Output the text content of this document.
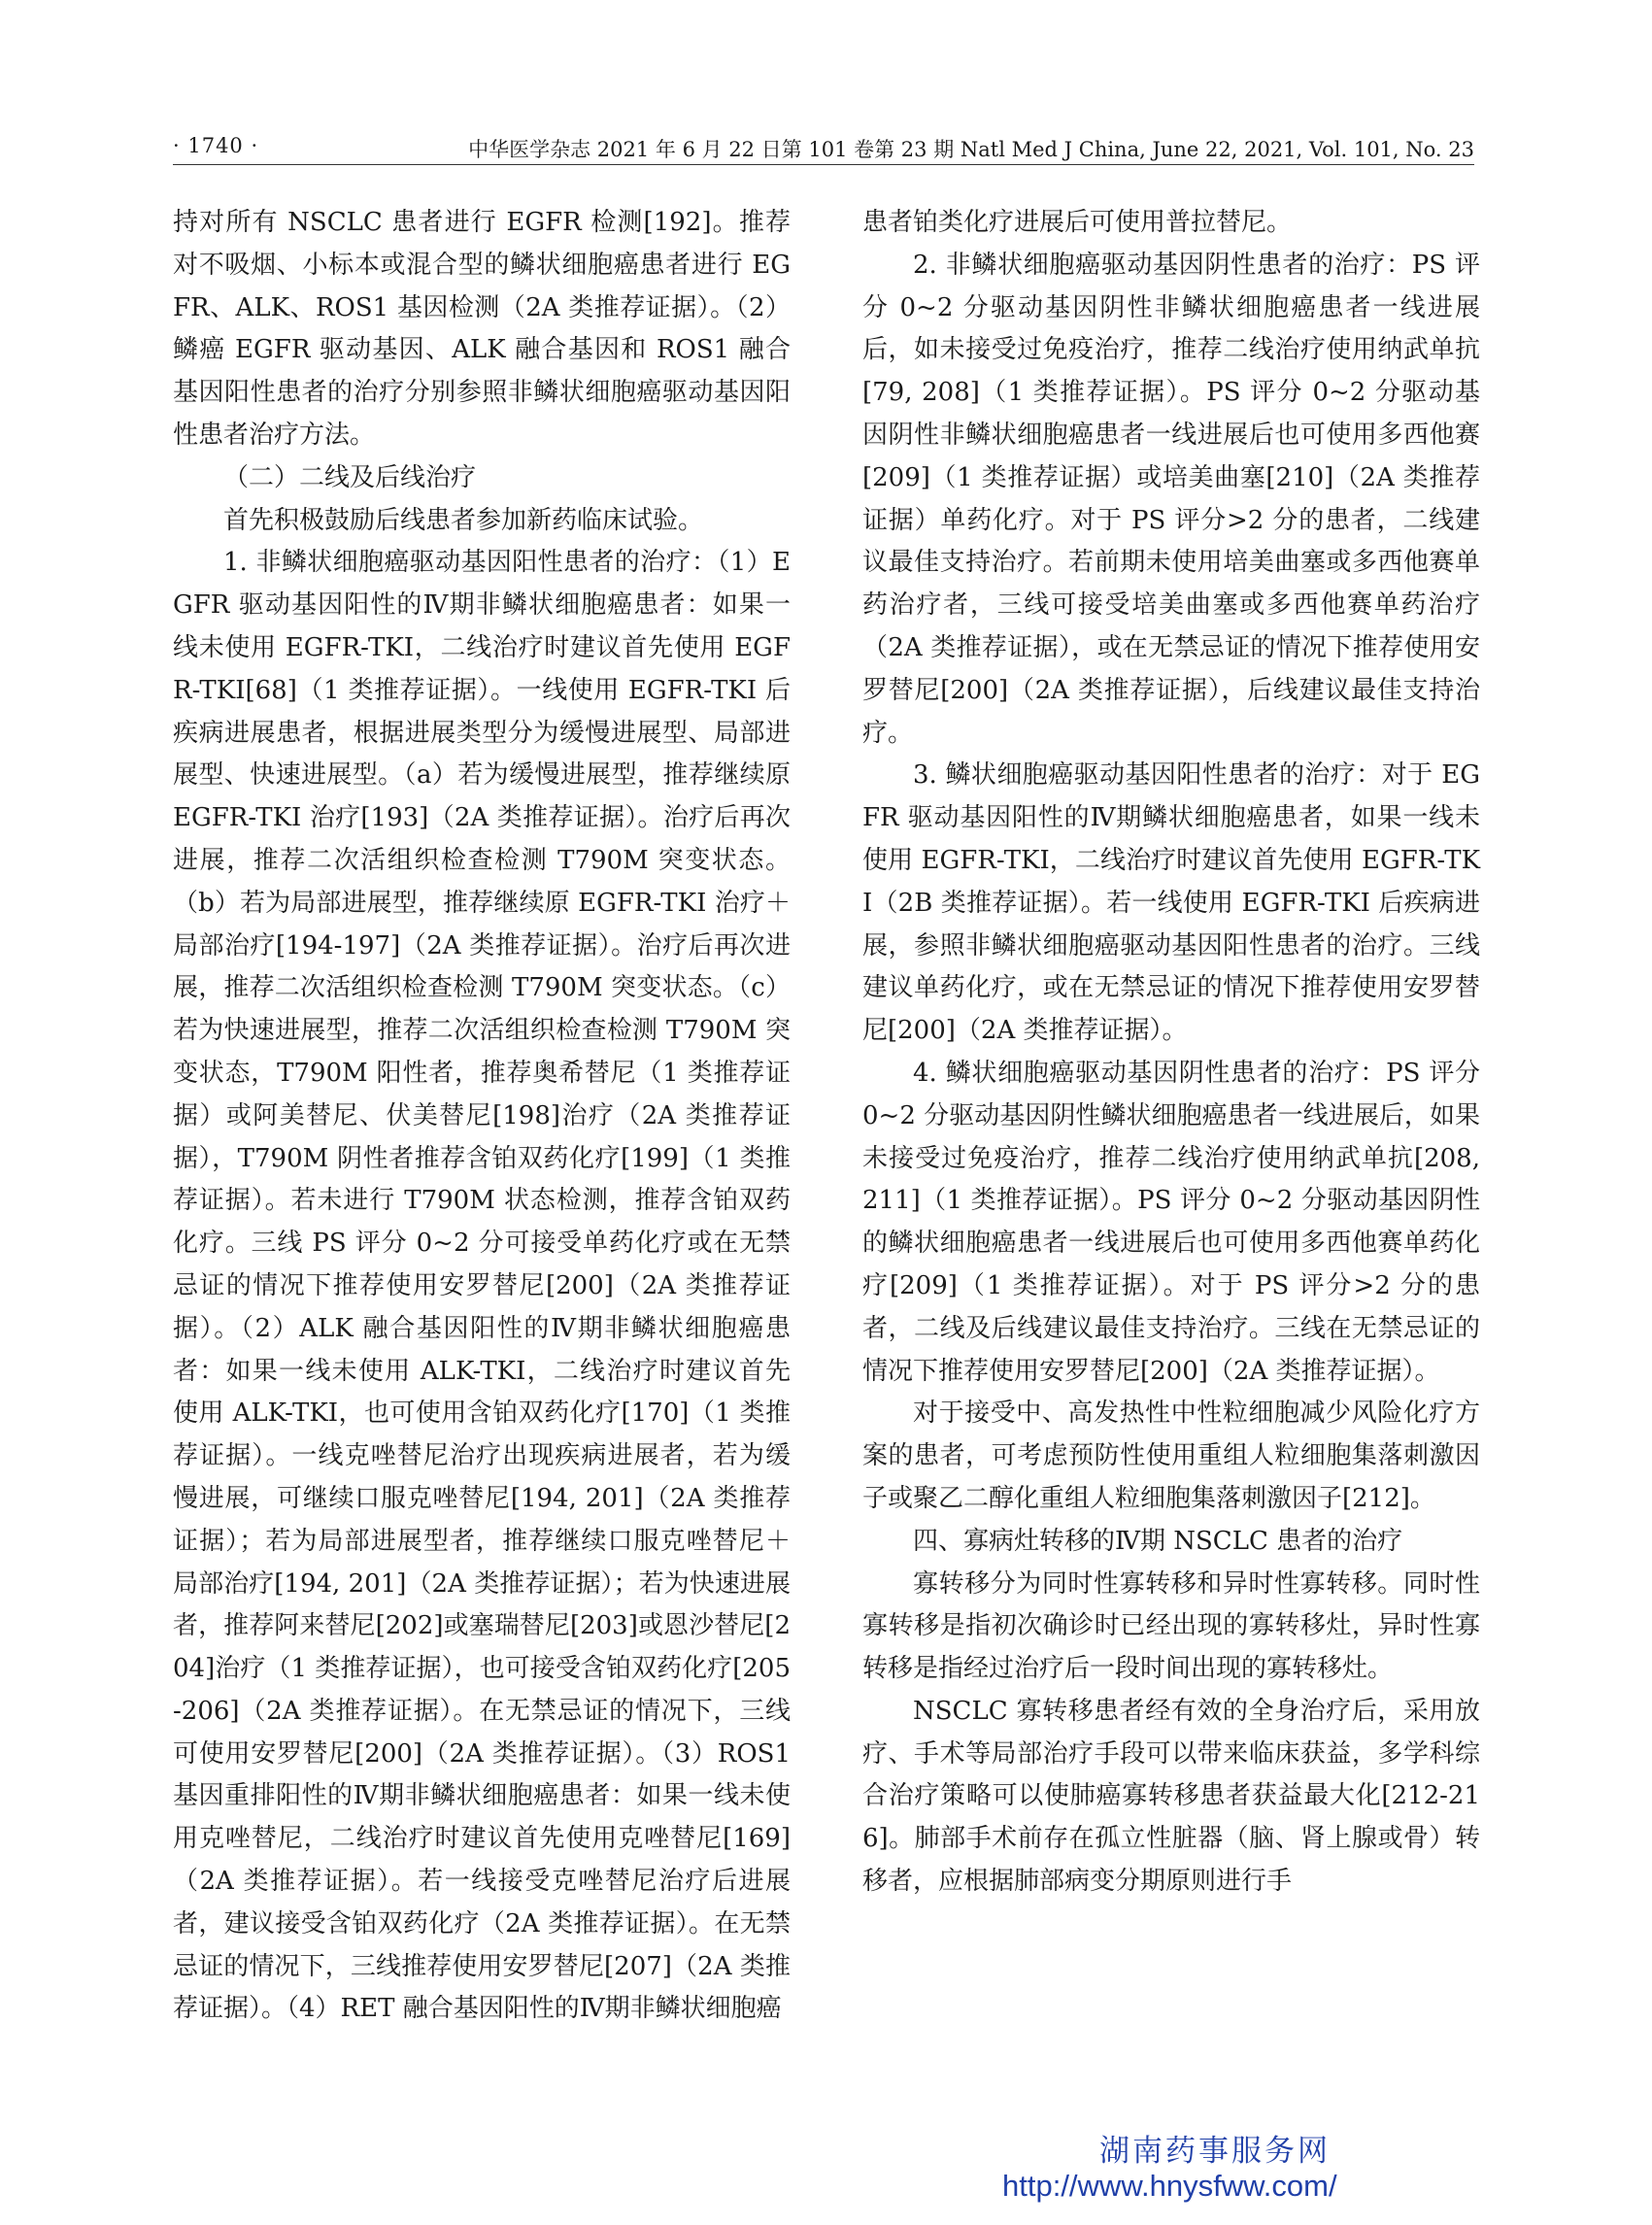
· 1740 ·	中华医学杂志 2021 年 6 月 22 日第 101 卷第 23 期 Natl Med J China, June 22, 2021, Vol. 101, No. 23

持对所有 NSCLC 患者进行 EGFR 检测[192]。推荐对不吸烟、小标本或混合型的鳞状细胞癌患者进行 EGFR、ALK、ROS1 基因检测（2A 类推荐证据）。（2）鳞癌 EGFR 驱动基因、ALK 融合基因和 ROS1 融合基因阳性患者的治疗分别参照非鳞状细胞癌驱动基因阳性患者治疗方法。

（二）二线及后线治疗

首先积极鼓励后线患者参加新药临床试验。

1. 非鳞状细胞癌驱动基因阳性患者的治疗：（1）EGFR 驱动基因阳性的Ⅳ期非鳞状细胞癌患者：如果一线未使用 EGFR-TKI，二线治疗时建议首先使用 EGFR-TKI[68]（1 类推荐证据）。一线使用 EGFR-TKI 后疾病进展患者，根据进展类型分为缓慢进展型、局部进展型、快速进展型。（a）若为缓慢进展型，推荐继续原 EGFR-TKI 治疗[193]（2A 类推荐证据）。治疗后再次进展，推荐二次活组织检查检测 T790M 突变状态。（b）若为局部进展型，推荐继续原 EGFR-TKI 治疗＋局部治疗[194-197]（2A 类推荐证据）。治疗后再次进展，推荐二次活组织检查检测 T790M 突变状态。（c）若为快速进展型，推荐二次活组织检查检测 T790M 突变状态，T790M 阳性者，推荐奥希替尼（1 类推荐证据）或阿美替尼、伏美替尼[198]治疗（2A 类推荐证据），T790M 阴性者推荐含铂双药化疗[199]（1 类推荐证据）。若未进行 T790M 状态检测，推荐含铂双药化疗。三线 PS 评分 0~2 分可接受单药化疗或在无禁忌证的情况下推荐使用安罗替尼[200]（2A 类推荐证据）。（2）ALK 融合基因阳性的Ⅳ期非鳞状细胞癌患者：如果一线未使用 ALK-TKI，二线治疗时建议首先使用 ALK-TKI，也可使用含铂双药化疗[170]（1 类推荐证据）。一线克唑替尼治疗出现疾病进展者，若为缓慢进展，可继续口服克唑替尼[194, 201]（2A 类推荐证据）；若为局部进展型者，推荐继续口服克唑替尼＋局部治疗[194, 201]（2A 类推荐证据）；若为快速进展者，推荐阿来替尼[202]或塞瑞替尼[203]或恩沙替尼[204]治疗（1 类推荐证据），也可接受含铂双药化疗[205-206]（2A 类推荐证据）。在无禁忌证的情况下，三线可使用安罗替尼[200]（2A 类推荐证据）。（3）ROS1 基因重排阳性的Ⅳ期非鳞状细胞癌患者：如果一线未使用克唑替尼，二线治疗时建议首先使用克唑替尼[169]（2A 类推荐证据）。若一线接受克唑替尼治疗后进展者，建议接受含铂双药化疗（2A 类推荐证据）。在无禁忌证的情况下，三线推荐使用安罗替尼[207]（2A 类推荐证据）。（4）RET 融合基因阳性的Ⅳ期非鳞状细胞癌

患者铂类化疗进展后可使用普拉替尼。

2. 非鳞状细胞癌驱动基因阴性患者的治疗：PS 评分 0~2 分驱动基因阴性非鳞状细胞癌患者一线进展后，如未接受过免疫治疗，推荐二线治疗使用纳武单抗[79, 208]（1 类推荐证据）。PS 评分 0~2 分驱动基因阴性非鳞状细胞癌患者一线进展后也可使用多西他赛[209]（1 类推荐证据）或培美曲塞[210]（2A 类推荐证据）单药化疗。对于 PS 评分>2 分的患者，二线建议最佳支持治疗。若前期未使用培美曲塞或多西他赛单药治疗者，三线可接受培美曲塞或多西他赛单药治疗（2A 类推荐证据），或在无禁忌证的情况下推荐使用安罗替尼[200]（2A 类推荐证据），后线建议最佳支持治疗。

3. 鳞状细胞癌驱动基因阳性患者的治疗：对于 EGFR 驱动基因阳性的Ⅳ期鳞状细胞癌患者，如果一线未使用 EGFR-TKI，二线治疗时建议首先使用 EGFR-TKI（2B 类推荐证据）。若一线使用 EGFR-TKI 后疾病进展，参照非鳞状细胞癌驱动基因阳性患者的治疗。三线建议单药化疗，或在无禁忌证的情况下推荐使用安罗替尼[200]（2A 类推荐证据）。

4. 鳞状细胞癌驱动基因阴性患者的治疗：PS 评分 0~2 分驱动基因阴性鳞状细胞癌患者一线进展后，如果未接受过免疫治疗，推荐二线治疗使用纳武单抗[208, 211]（1 类推荐证据）。PS 评分 0~2 分驱动基因阴性的鳞状细胞癌患者一线进展后也可使用多西他赛单药化疗[209]（1 类推荐证据）。对于 PS 评分>2 分的患者，二线及后线建议最佳支持治疗。三线在无禁忌证的情况下推荐使用安罗替尼[200]（2A 类推荐证据）。

对于接受中、高发热性中性粒细胞减少风险化疗方案的患者，可考虑预防性使用重组人粒细胞集落刺激因子或聚乙二醇化重组人粒细胞集落刺激因子[212]。

四、寡病灶转移的Ⅳ期 NSCLC 患者的治疗

寡转移分为同时性寡转移和异时性寡转移。同时性寡转移是指初次确诊时已经出现的寡转移灶，异时性寡转移是指经过治疗后一段时间出现的寡转移灶。

NSCLC 寡转移患者经有效的全身治疗后，采用放疗、手术等局部治疗手段可以带来临床获益，多学科综合治疗策略可以使肺癌寡转移患者获益最大化[212-216]。肺部手术前存在孤立性脏器（脑、肾上腺或骨）转移者，应根据肺部病变分期原则进行手

湖南药事服务网
http://www.hnysfww.com/
